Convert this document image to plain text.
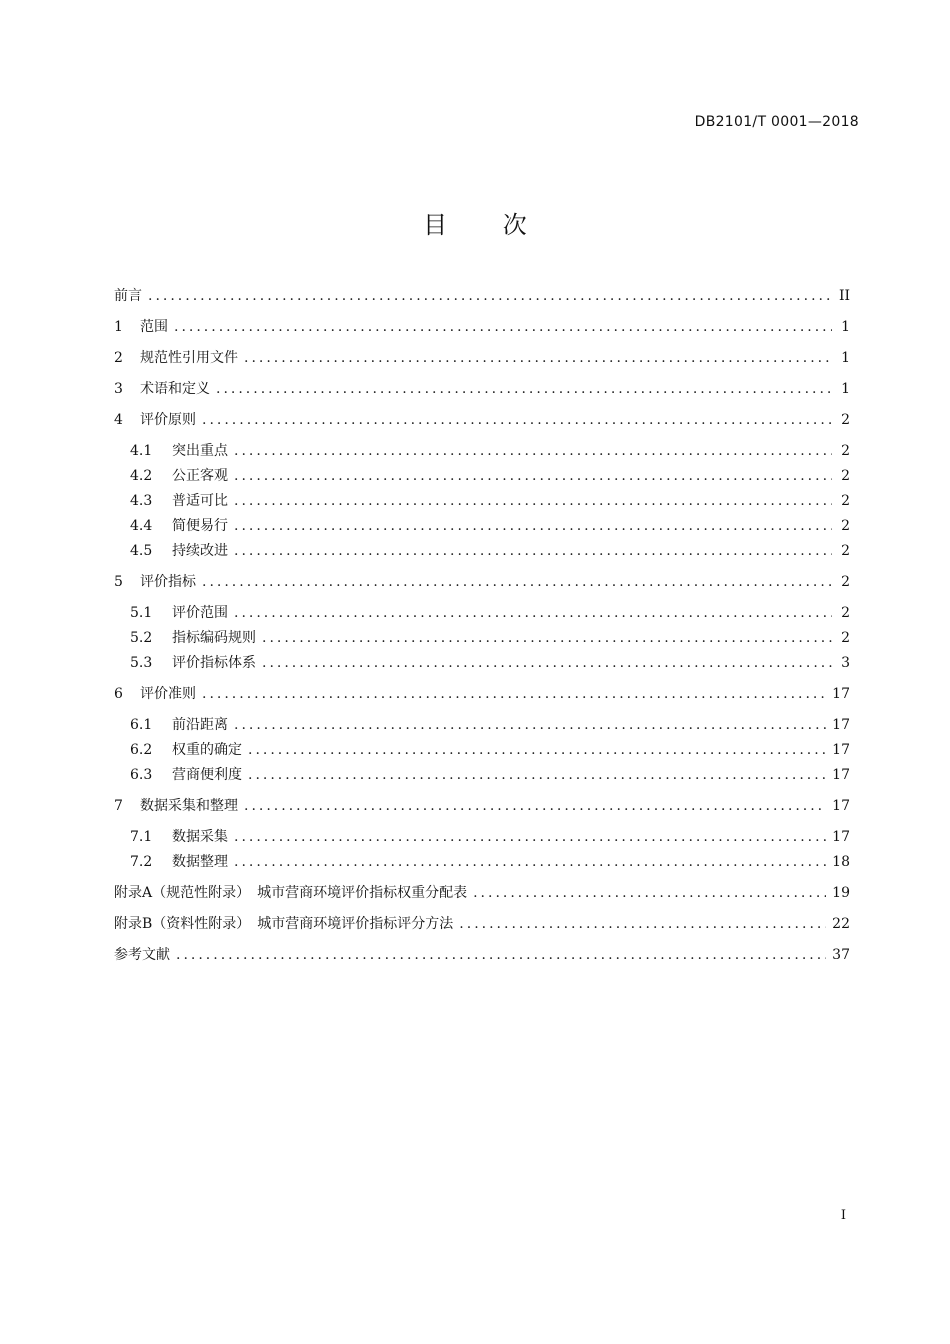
DB2101/T 0001—2018
目 次
前言 .....	II
1	范围 .....	1
2	规范性引用文件 .....	1
3	术语和定义 .....	1
4	评价原则 .....	2
4.1	突出重点 .....	2
4.2	公正客观 .....	2
4.3	普适可比 .....	2
4.4	简便易行 .....	2
4.5	持续改进 .....	2
5	评价指标 .....	2
5.1	评价范围 .....	2
5.2	指标编码规则 .....	2
5.3	评价指标体系 .....	3
6	评价准则 .....	17
6.1	前沿距离 .....	17
6.2	权重的确定 .....	17
6.3	营商便利度 .....	17
7	数据采集和整理 .....	17
7.1	数据采集 .....	17
7.2	数据整理 .....	18
附录A（规范性附录）　城市营商环境评价指标权重分配表 .....	19
附录B（资料性附录）　城市营商环境评价指标评分方法 .....	22
参考文献 .....	37
I
